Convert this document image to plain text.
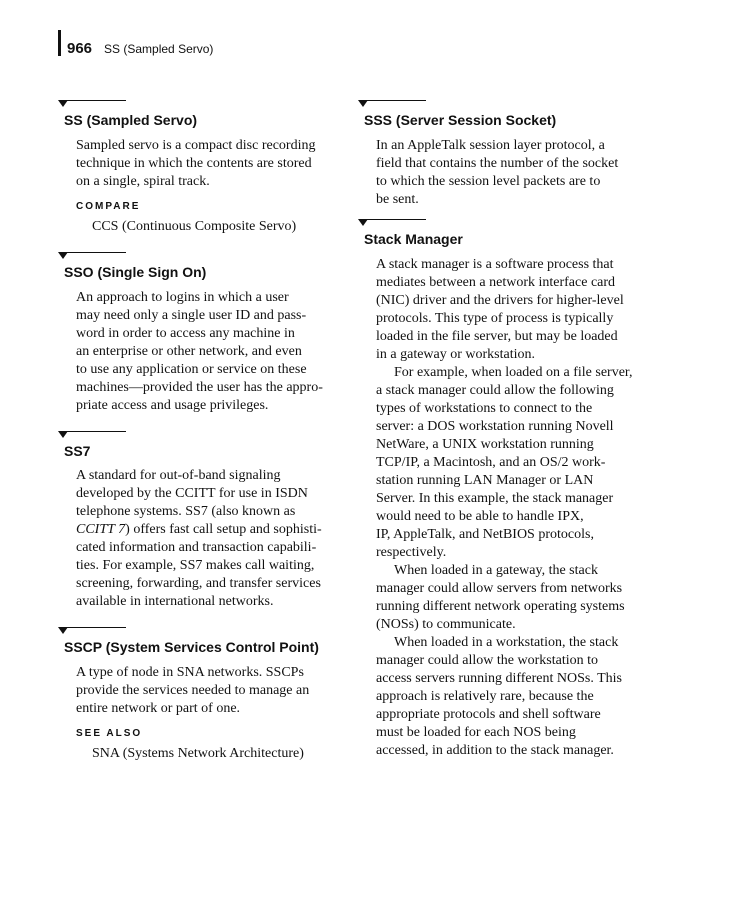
966 SS (Sampled Servo)
SS (Sampled Servo)

Sampled servo is a compact disc recording

technique in which the contents are stored

on a single, spiral track.

COMPARE
CCS (Continuous Composite Servo)
SSO (Single Sign On)

An approach to logins in which a user

may need only a single user ID and pass-

word in order to access any machine in

an enterprise or other network, and even

to use any application or service on these

machines—provided the user has the appro-

priate access and usage privileges.

SS7

A standard for out-of-band signaling

developed by the CCITT for use in ISDN

telephone systems. SS7 (also known as

CCITT 7) offers fast call setup and sophisti-

cated information and transaction capabili-

ties. For example, SS7 makes call waiting,

screening, forwarding, and transfer services

available in international networks.

SSCP (System Services Control Point)

A type of node in SNA networks. SSCPs

provide the services needed to manage an

entire network or part of one.

SEE ALSO
SNA (Systems Network Architecture)
SSS (Server Session Socket)

In an AppleTalk session layer protocol, a

field that contains the number of the socket

to which the session level packets are to

be sent.

Stack Manager

A stack manager is a software process that

mediates between a network interface card

(NIC) driver and the drivers for higher-level

protocols. This type of process is typically

loaded in the file server, but may be loaded

in a gateway or workstation.

For example, when loaded on a file server,

a stack manager could allow the following

types of workstations to connect to the

server: a DOS workstation running Novell

NetWare, a UNIX workstation running

TCP/IP, a Macintosh, and an OS/2 work-

station running LAN Manager or LAN

Server. In this example, the stack manager

would need to be able to handle IPX,

IP, AppleTalk, and NetBIOS protocols,

respectively.

When loaded in a gateway, the stack

manager could allow servers from networks

running different network operating systems

(NOSs) to communicate.

When loaded in a workstation, the stack

manager could allow the workstation to

access servers running different NOSs. This

approach is relatively rare, because the

appropriate protocols and shell software

must be loaded for each NOS being

accessed, in addition to the stack manager.
